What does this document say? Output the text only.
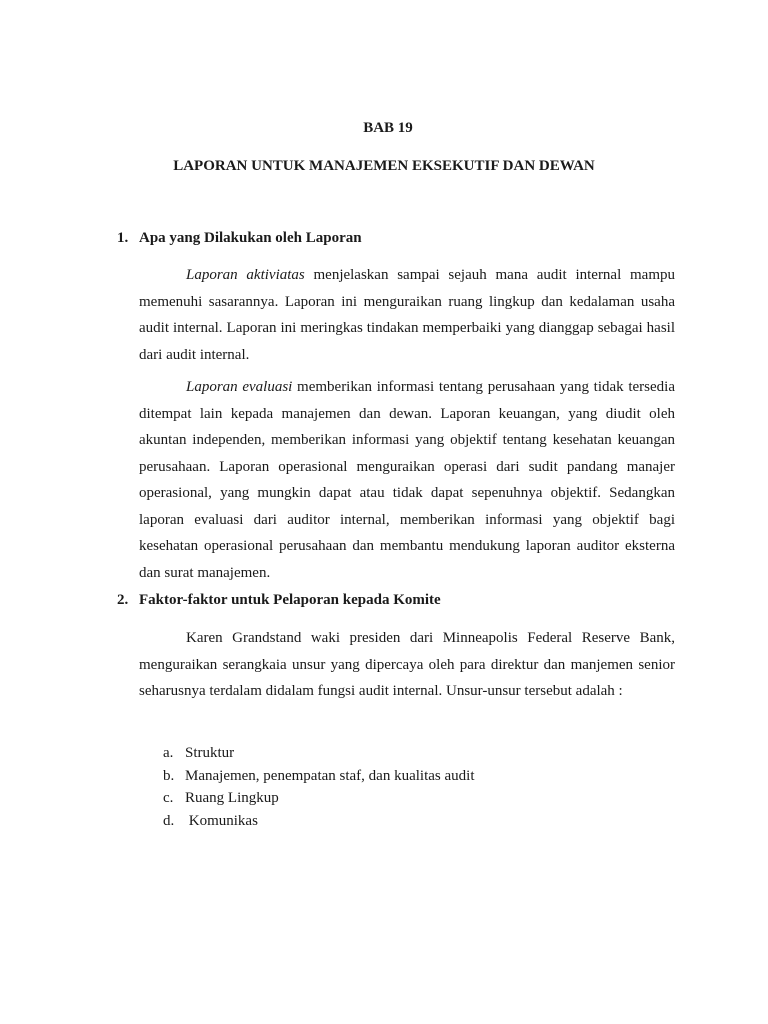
BAB 19
LAPORAN UNTUK MANAJEMEN EKSEKUTIF DAN DEWAN
1. Apa yang Dilakukan oleh Laporan

Laporan aktiviatas menjelaskan sampai sejauh mana audit internal mampu memenuhi sasarannya. Laporan ini menguraikan ruang lingkup dan kedalaman usaha audit internal. Laporan ini meringkas tindakan memperbaiki yang dianggap sebagai hasil dari audit internal.

Laporan evaluasi memberikan informasi tentang perusahaan yang tidak tersedia ditempat lain kepada manajemen dan dewan. Laporan keuangan, yang diudit oleh akuntan independen, memberikan informasi yang objektif tentang kesehatan keuangan perusahaan. Laporan operasional menguraikan operasi dari sudit pandang manajer operasional, yang mungkin dapat atau tidak dapat sepenuhnya objektif. Sedangkan laporan evaluasi dari auditor internal, memberikan informasi yang objektif bagi kesehatan operasional perusahaan dan membantu mendukung laporan auditor eksterna dan surat manajemen.

2. Faktor-faktor untuk Pelaporan kepada Komite

Karen Grandstand waki presiden dari Minneapolis Federal Reserve Bank, menguraikan serangkaia unsur yang dipercaya oleh para direktur dan manjemen senior seharusnya terdalam didalam fungsi audit internal. Unsur-unsur tersebut adalah :

a. Struktur
b. Manajemen, penempatan staf, dan kualitas audit
c. Ruang Lingkup
d. Komunikas
